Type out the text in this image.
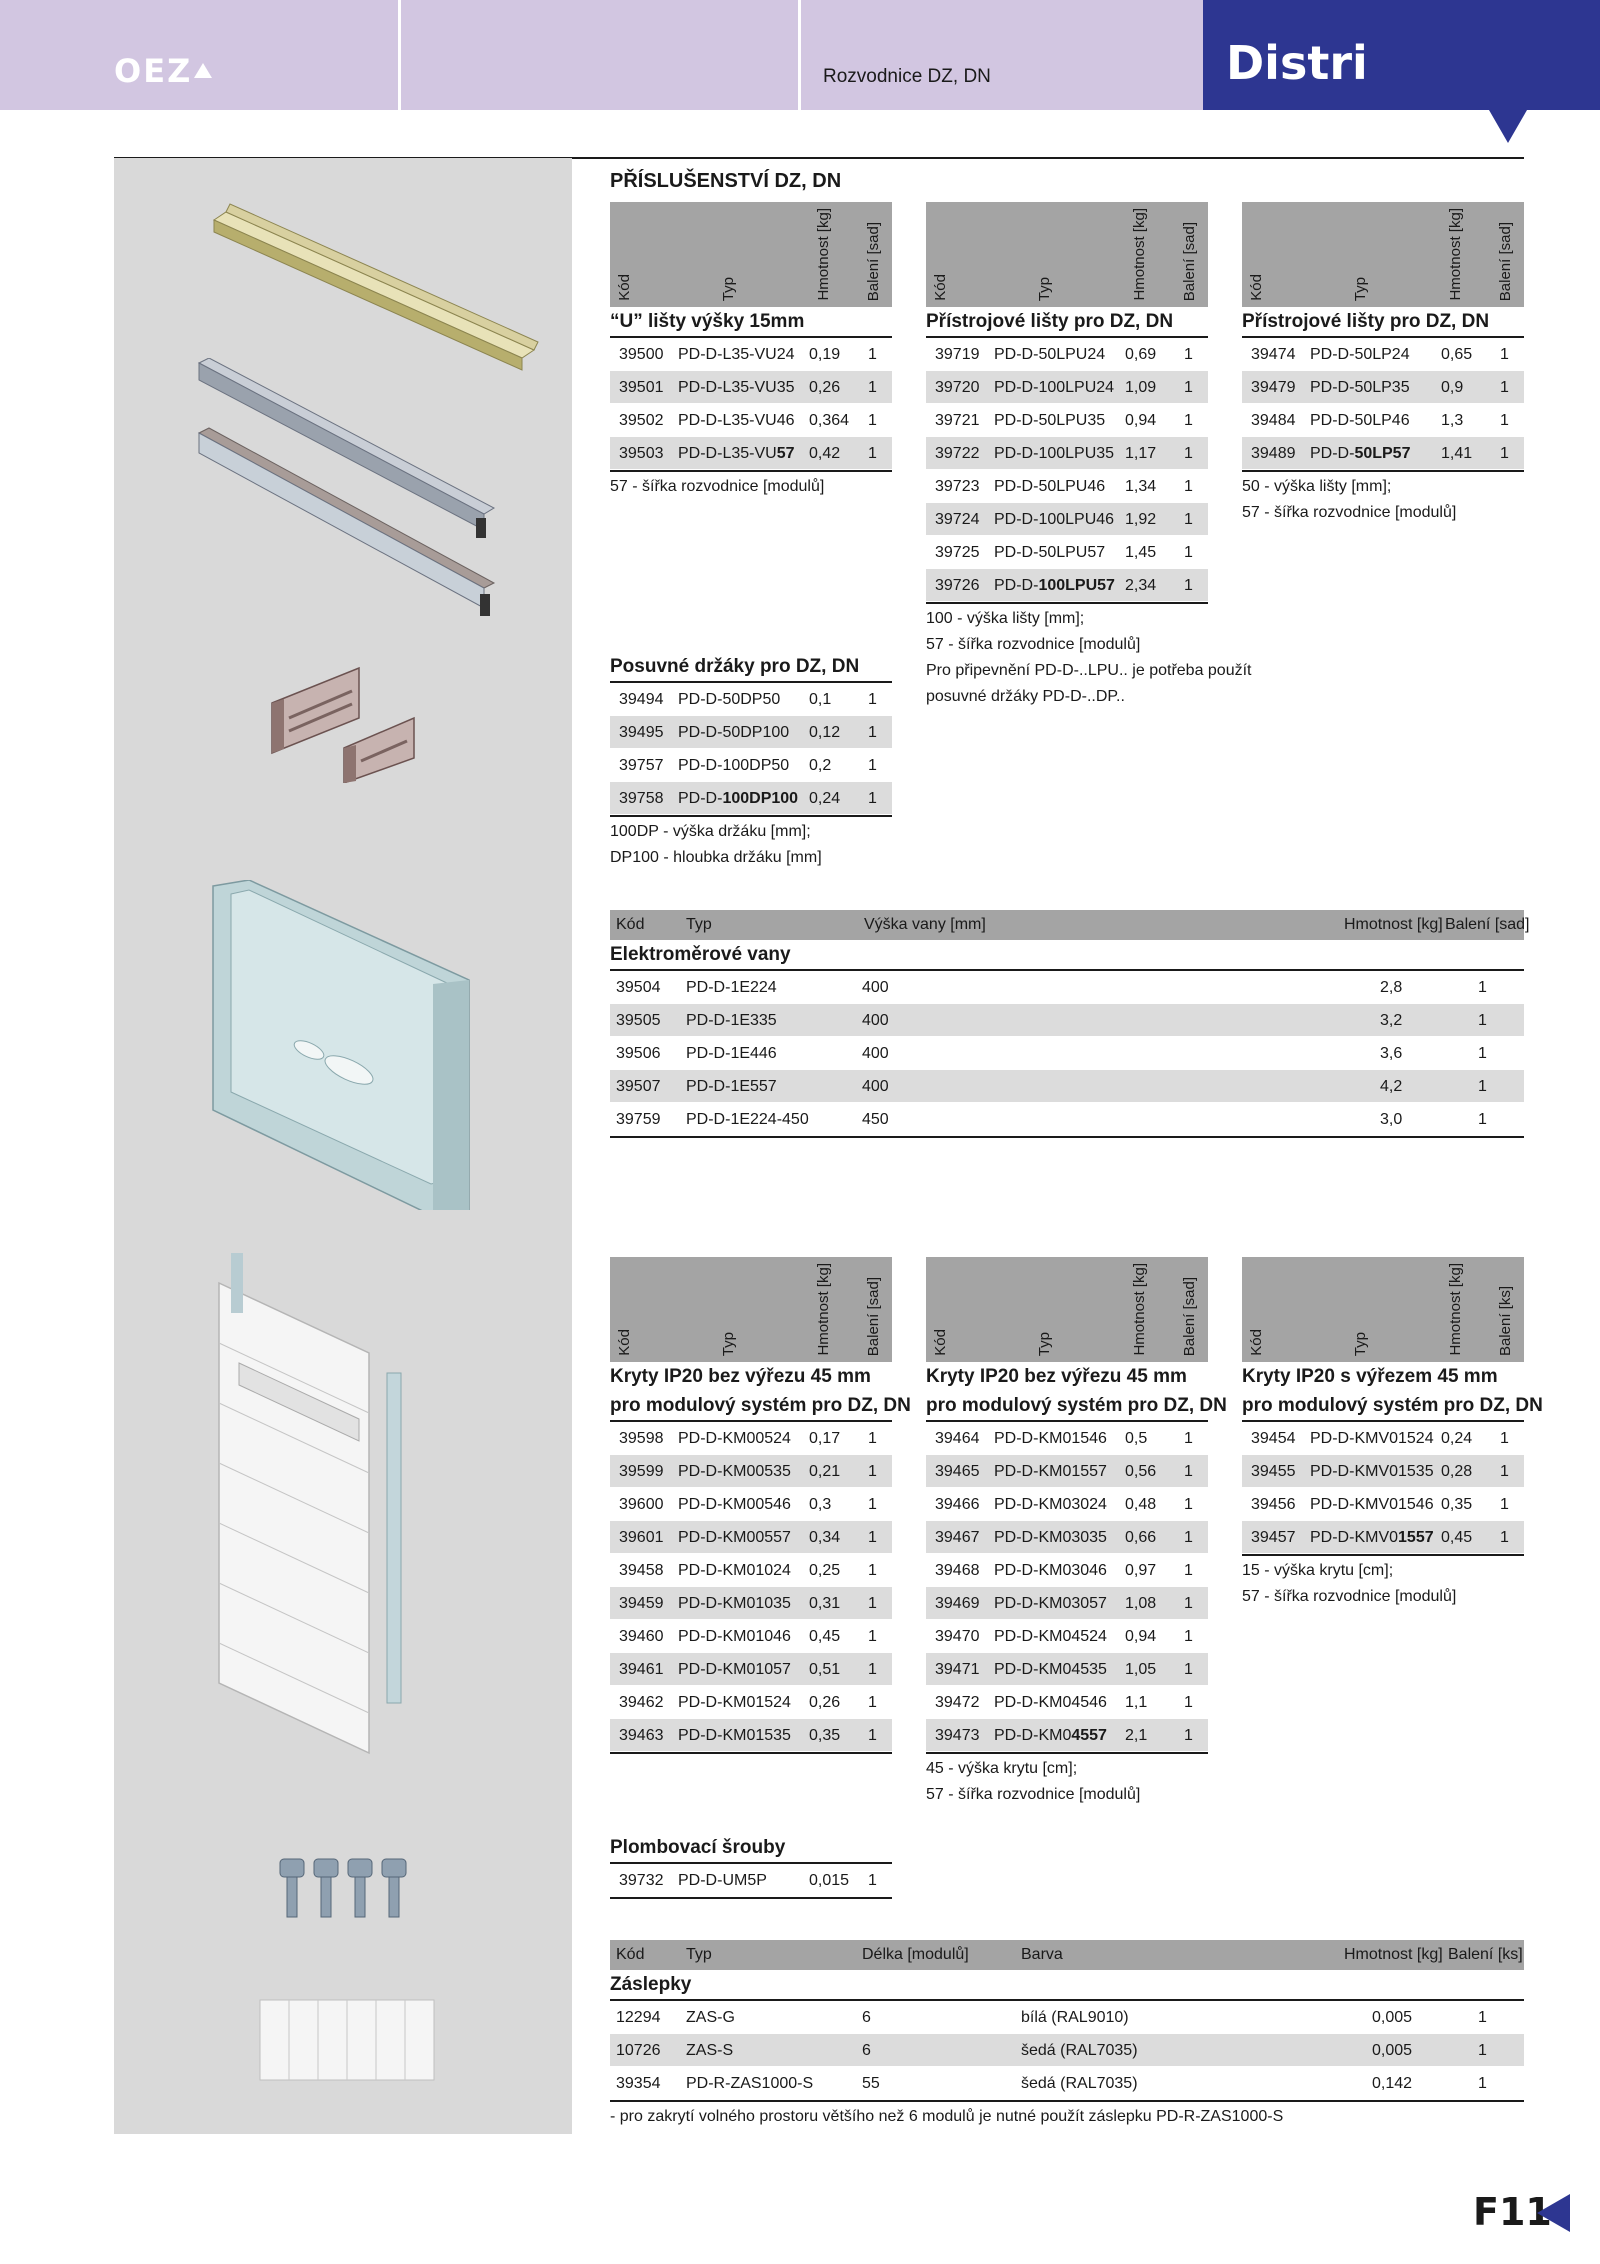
OEZ	Rozvodnice DZ, DN	Distri
PŘÍSLUŠENSTVÍ DZ, DN
Kód	Typ	Hmotnost [kg] Balení [sad]
“U” lišty výšky 15mm
39500 PD-D-L35-VU24 0,19 1
39501 PD-D-L35-VU35 0,26 1
39502 PD-D-L35-VU46 0,364 1
39503 PD-D-L35-VU57 0,42 1
57 - šířka rozvodnice [modulů]
Kód	Typ	Hmotnost [kg] Balení [sad]
Přístrojové lišty pro DZ, DN
39719 PD-D-50LPU24 0,69 1
39720 PD-D-100LPU24 1,09 1
39721 PD-D-50LPU35 0,94 1
39722 PD-D-100LPU35 1,17 1
39723 PD-D-50LPU46 1,34 1
39724 PD-D-100LPU46 1,92 1
39725 PD-D-50LPU57 1,45 1
39726 PD-D-100LPU57 2,34 1
100 - výška lišty [mm];
57 - šířka rozvodnice [modulů]
Pro připevnění PD-D-..LPU.. je potřeba použít
posuvné držáky PD-D-..DP..
Kód	Typ	Hmotnost [kg] Balení [sad]
Přístrojové lišty pro DZ, DN
39474 PD-D-50LP24 0,65 1
39479 PD-D-50LP35 0,9 1
39484 PD-D-50LP46 1,3 1
39489 PD-D-50LP57 1,41 1
50 - výška lišty [mm];
57 - šířka rozvodnice [modulů]
Posuvné držáky pro DZ, DN
39494 PD-D-50DP50 0,1 1
39495 PD-D-50DP100 0,12 1
39757 PD-D-100DP50 0,2 1
39758 PD-D-100DP100 0,24 1
100DP - výška držáku [mm];
DP100 - hloubka držáku [mm]
Kód	Typ	Výška vany [mm]	Hmotnost [kg] Balení [sad]
Elektroměrové vany
39504 PD-D-1E224	400	2,8	1
39505 PD-D-1E335	400	3,2	1
39506 PD-D-1E446	400	3,6	1
39507 PD-D-1E557	400	4,2	1
39759 PD-D-1E224-450	450	3,0	1
Kód	Typ	Hmotnost [kg] Balení [sad]
Kryty IP20 bez výřezu 45 mm
pro modulový systém pro DZ, DN
39598 PD-D-KM00524 0,17 1
39599 PD-D-KM00535 0,21 1
39600 PD-D-KM00546 0,3 1
39601 PD-D-KM00557 0,34 1
39458 PD-D-KM01024 0,25 1
39459 PD-D-KM01035 0,31 1
39460 PD-D-KM01046 0,45 1
39461 PD-D-KM01057 0,51 1
39462 PD-D-KM01524 0,26 1
39463 PD-D-KM01535 0,35 1
Kód	Typ	Hmotnost [kg] Balení [sad]
Kryty IP20 bez výřezu 45 mm
pro modulový systém pro DZ, DN
39464 PD-D-KM01546 0,5 1
39465 PD-D-KM01557 0,56 1
39466 PD-D-KM03024 0,48 1
39467 PD-D-KM03035 0,66 1
39468 PD-D-KM03046 0,97 1
39469 PD-D-KM03057 1,08 1
39470 PD-D-KM04524 0,94 1
39471 PD-D-KM04535 1,05 1
39472 PD-D-KM04546 1,1 1
39473 PD-D-KM04557 2,1 1
45 - výška krytu [cm];
57 - šířka rozvodnice [modulů]
Kód	Typ	Hmotnost [kg] Balení [ks]
Kryty IP20 s výřezem 45 mm
pro modulový systém pro DZ, DN
39454 PD-D-KMV01524 0,24 1
39455 PD-D-KMV01535 0,28 1
39456 PD-D-KMV01546 0,35 1
39457 PD-D-KMV01557 0,45 1
15 - výška krytu [cm];
57 - šířka rozvodnice [modulů]
Plombovací šrouby
39732 PD-D-UM5P	0,015 1
Kód	Typ	Délka [modulů]	Barva	Hmotnost [kg] Balení [ks]
Záslepky
12294 ZAS-G	6	bílá (RAL9010)	0,005	1
10726 ZAS-S	6	šedá (RAL7035)	0,005	1
39354 PD-R-ZAS1000-S	55	šedá (RAL7035)	0,142	1
- pro zakrytí volného prostoru většího než 6 modulů je nutné použít záslepku PD-R-ZAS1000-S
F11
